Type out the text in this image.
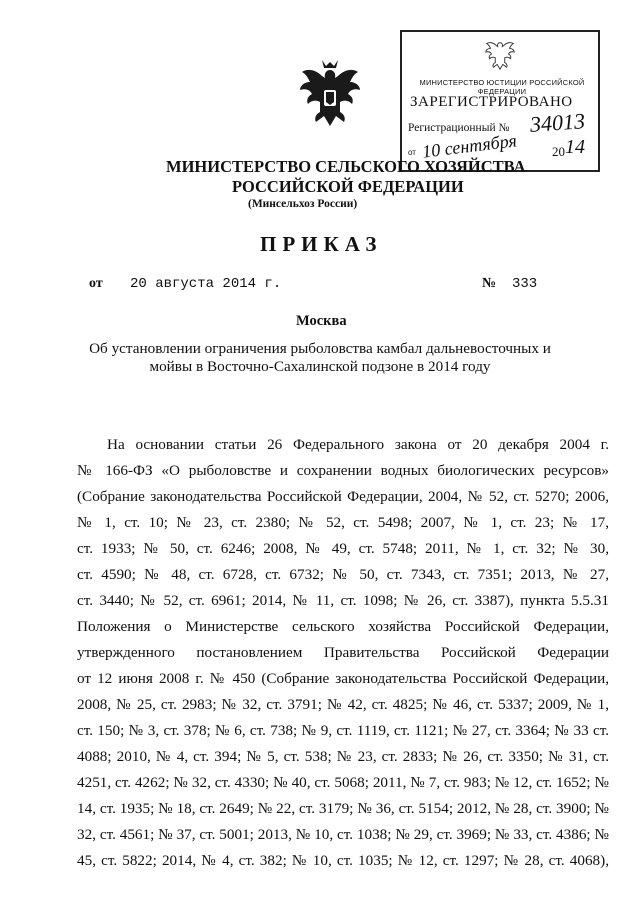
МИНИСТЕРСТВО ЮСТИЦИИ РОССИЙСКОЙ ФЕДЕРАЦИИ
ЗАРЕГИСТРИРОВАНО
Регистрационный № 34013
от 10 сентября	20 14
МИНИСТЕРСТВО СЕЛЬСКОГО ХОЗЯЙСТВА
РОССИЙСКОЙ ФЕДЕРАЦИИ
(Минсельхоз России)
ПРИКАЗ
от 20 августа 2014 г.	№ 333
Москва
Об установлении ограничения рыболовства камбал дальневосточных и
мойвы в Восточно-Сахалинской подзоне в 2014 году
На основании статьи 26 Федерального закона от 20 декабря 2004 г.
№ 166-ФЗ «О рыболовстве и сохранении водных биологических ресурсов»
(Собрание законодательства Российской Федерации, 2004, № 52, ст. 5270; 2006,
№ 1, ст. 10; № 23, ст. 2380; № 52, ст. 5498; 2007, № 1, ст. 23; № 17,
ст. 1933; № 50, ст. 6246; 2008, № 49, ст. 5748; 2011, № 1, ст. 32; № 30,
ст. 4590; № 48, ст. 6728, ст. 6732; № 50, ст. 7343, ст. 7351; 2013, № 27,
ст. 3440; № 52, ст. 6961; 2014, № 11, ст. 1098; № 26, ст. 3387), пункта 5.5.31
Положения о Министерстве сельского хозяйства Российской Федерации,
утвержденного постановлением Правительства Российской Федерации
от 12 июня 2008 г. № 450 (Собрание законодательства Российской Федерации,
2008, № 25, ст. 2983; № 32, ст. 3791; № 42, ст. 4825; № 46, ст. 5337; 2009, № 1,
ст. 150; № 3, ст. 378; № 6, ст. 738; № 9, ст. 1119, ст. 1121; № 27, ст. 3364; № 33 ст.
4088; 2010, № 4, ст. 394; № 5, ст. 538; № 23, ст. 2833; № 26, ст. 3350; № 31, ст.
4251, ст. 4262; № 32, ст. 4330; № 40, ст. 5068; 2011, № 7, ст. 983; № 12, ст. 1652; №
14, ст. 1935; № 18, ст. 2649; № 22, ст. 3179; № 36, ст. 5154; 2012, № 28, ст. 3900; №
32, ст. 4561; № 37, ст. 5001; 2013, № 10, ст. 1038; № 29, ст. 3969; № 33, ст. 4386; №
45, ст. 5822; 2014, № 4, ст. 382; № 10, ст. 1035; № 12, ст. 1297; № 28, ст. 4068),
